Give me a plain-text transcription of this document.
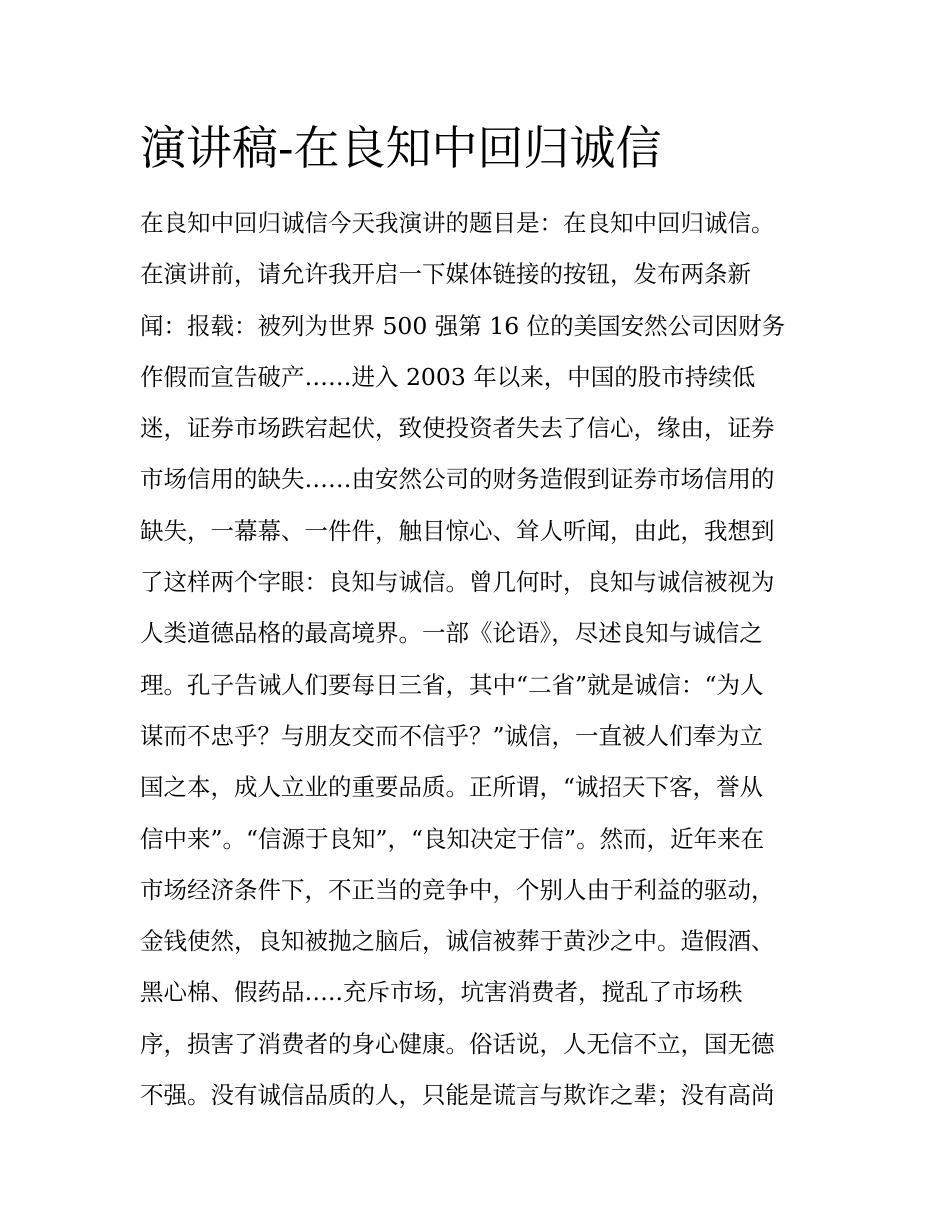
演讲稿-在良知中回归诚信
在良知中回归诚信今天我演讲的题目是：在良知中回归诚信。
在演讲前，请允许我开启一下媒体链接的按钮，发布两条新
闻：报载：被列为世界 500 强第 16 位的美国安然公司因财务
作假而宣告破产……进入 2003 年以来，中国的股市持续低
迷，证券市场跌宕起伏，致使投资者失去了信心，缘由，证券
市场信用的缺失……由安然公司的财务造假到证券市场信用的
缺失，一幕幕、一件件，触目惊心、耸人听闻，由此，我想到
了这样两个字眼：良知与诚信。曾几何时，良知与诚信被视为
人类道德品格的最高境界。一部《论语》，尽述良知与诚信之
理。孔子告诫人们要每日三省，其中“二省”就是诚信：“为人
谋而不忠乎？与朋友交而不信乎？”诚信，一直被人们奉为立
国之本，成人立业的重要品质。正所谓，“诚招天下客，誉从
信中来”。“信源于良知”，“良知决定于信”。然而，近年来在
市场经济条件下，不正当的竞争中，个别人由于利益的驱动，
金钱使然，良知被抛之脑后，诚信被葬于黄沙之中。造假酒、
黑心棉、假药品…..充斥市场，坑害消费者，搅乱了市场秩
序，损害了消费者的身心健康。俗话说，人无信不立，国无德
不强。没有诚信品质的人，只能是谎言与欺诈之辈；没有高尚
